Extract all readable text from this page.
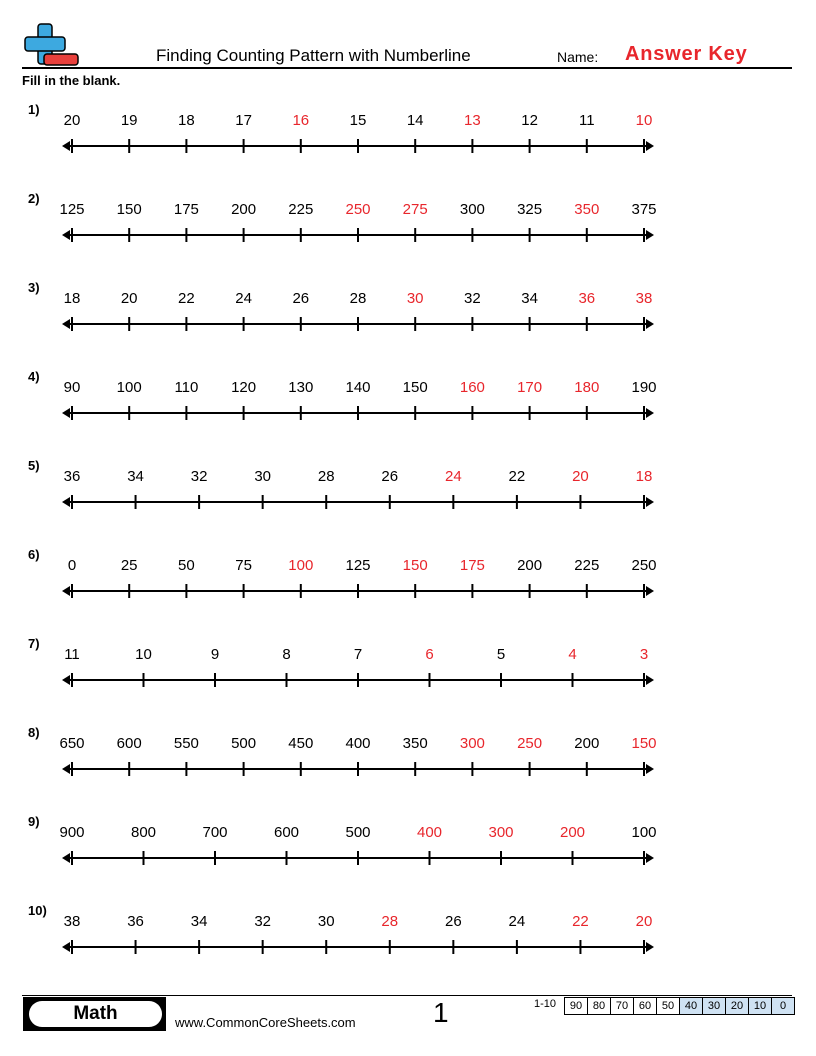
Finding Counting Pattern with Numberline	Name: Answer Key
Fill in the blank.
1)
20	19	18	17	16	15	14	13	12	11	10
2)
125 150 175 200 225 250 275 300 325 350 375
3)
18	20	22	24	26	28	30	32	34	36	38
4)
90 100 110 120 130 140 150 160 170 180 190
5)
36	34	32	30	28	26	24	22	20	18
6)
0	25	50	75 100 125 150 175 200 225 250
7)
11	10	9	8	7	6	5	4	3
8)
650 600 550 500 450 400 350 300 250 200 150
9)
900	800	700	600	500	400	300	200	100
10)
38	36	34	32	30	28	26	24	22	20
Math	www.CommonCoreSheets.com	1	1-10	90 80 70 60 50 40 30 20 10	0
